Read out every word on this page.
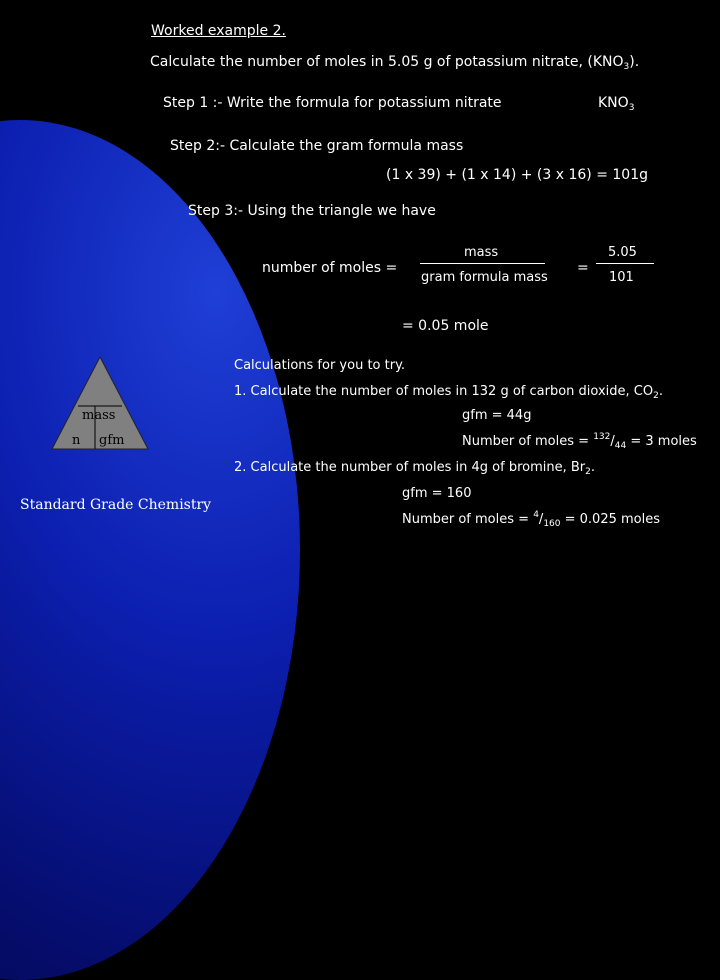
Worked example 2.
Calculate the number of moles in 5.05 g of potassium nitrate, $(KNO_3)$.
Step 1 :- Write the formula for potassium nitrate	$KNO_3$
Step 2:- Calculate the gram formula mass
(1 x 39) + (1 x 14) + (3 x 16) = 101g
Step 3:- Using the triangle we have
number of moles =
mass
gram formula mass
=
5.05
101
= 0.05 mole
mass
n gfm
Standard Grade Chemistry
Calculations for you to try.
1. Calculate the number of moles in 132 g of carbon dioxide, $CO_2$.
gfm = 44g
Number of moles = $^{132}/_{44} = 3$ moles
2. Calculate the number of moles in 4g of bromine, $Br_2$.
gfm = 160
Number of moles = $^4/_{160} = 0.025$ moles
